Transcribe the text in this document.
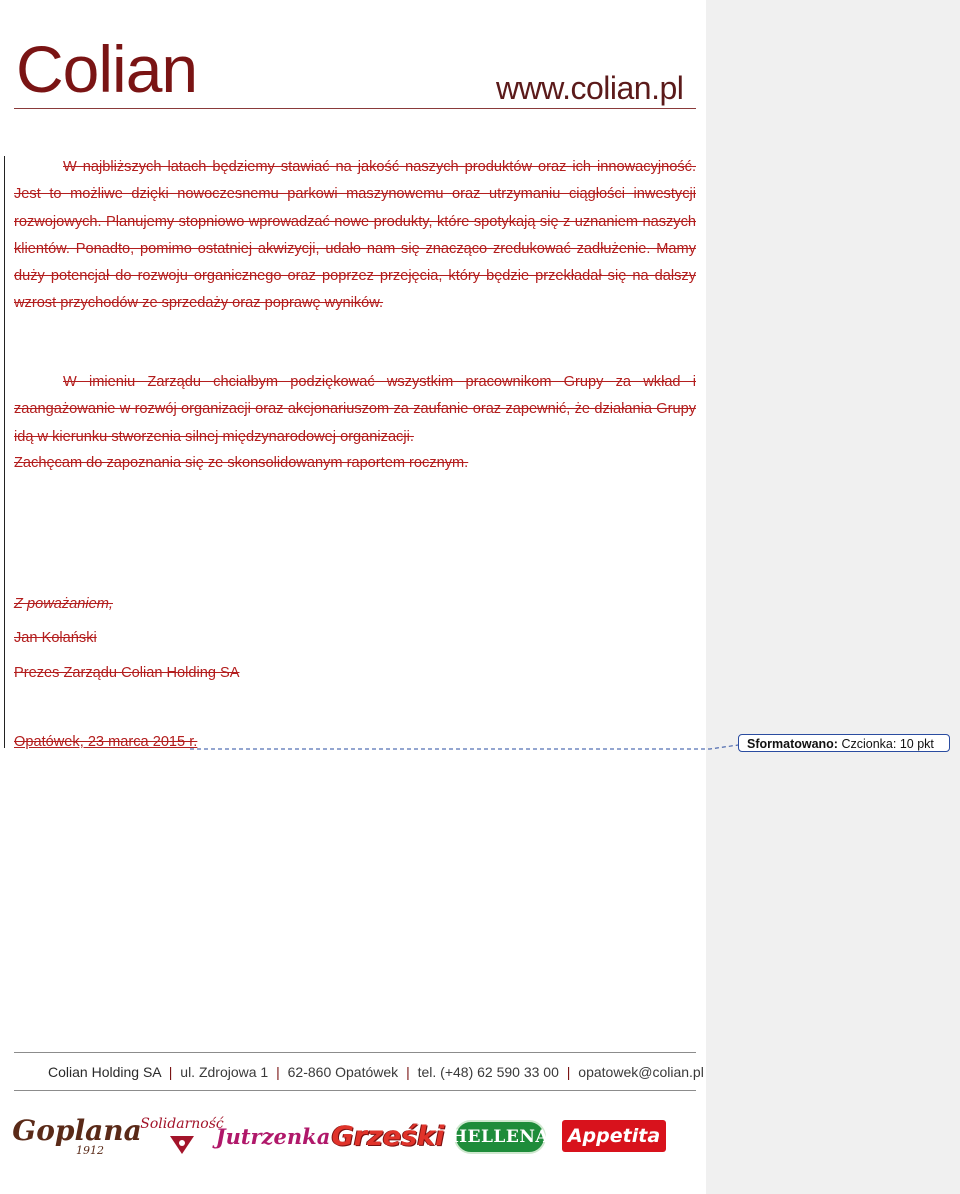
Colian	www.colian.pl
W najbliższych latach będziemy stawiać na jakość naszych produktów oraz ich innowacyjność. Jest to możliwe dzięki nowoczesnemu parkowi maszynowemu oraz utrzymaniu ciągłości inwestycji rozwojowych. Planujemy stopniowo wprowadzać nowe produkty, które spotykają się z uznaniem naszych klientów. Ponadto, pomimo ostatniej akwizycji, udało nam się znacząco zredukować zadłużenie. Mamy duży potencjał do rozwoju organicznego oraz poprzez przejęcia, który będzie przekładał się na dalszy wzrost przychodów ze sprzedaży oraz poprawę wyników.
W imieniu Zarządu chciałbym podziękować wszystkim pracownikom Grupy za wkład i zaangażowanie w rozwój organizacji oraz akcjonariuszom za zaufanie oraz zapewnić, że działania Grupy idą w kierunku stworzenia silnej międzynarodowej organizacji.
Zachęcam do zapoznania się ze skonsolidowanym raportem rocznym.
Z poważaniem,
Jan Kolański
Prezes Zarządu Colian Holding SA
Opatówek, 23 marca 2015 r.	Sformatowano: Czcionka: 10 pkt
Colian Holding SA | ul. Zdrojowa 1 | 62-860 Opatówek | tel. (+48) 62 590 33 00 | opatowek@colian.pl
Goplana
1912
Solidarność
Jutrzenka Grześki HELLENA Appetita
